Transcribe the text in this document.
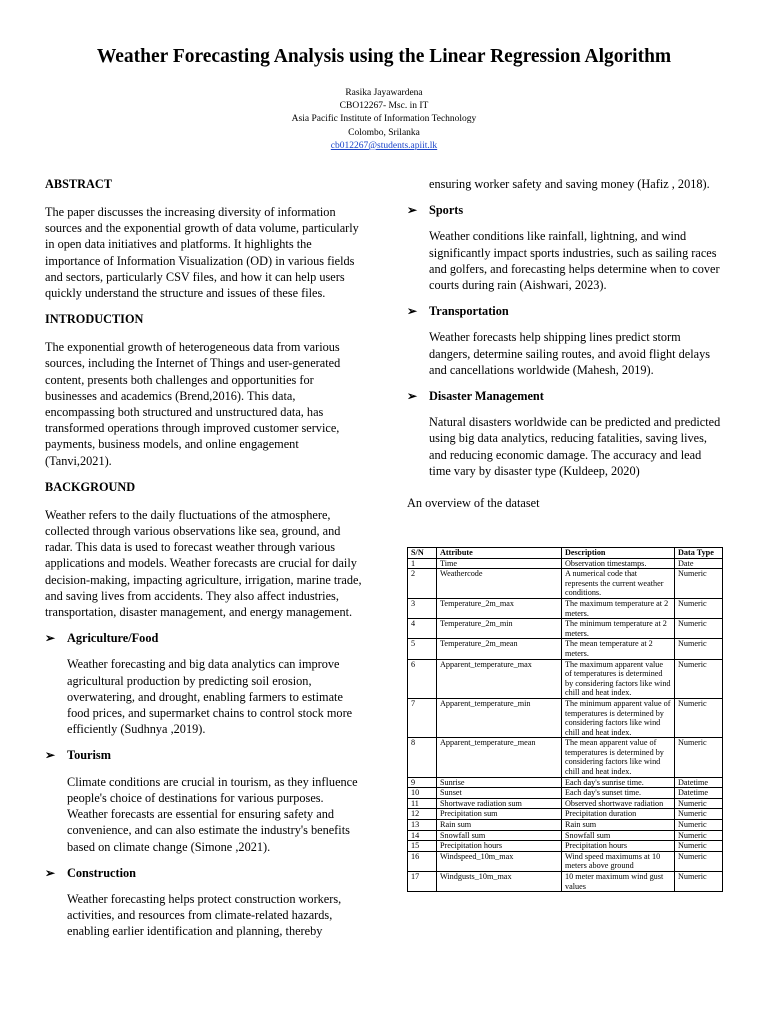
Weather Forecasting Analysis using the Linear Regression Algorithm
Rasika Jayawardena
CBO12267- Msc. in IT
Asia Pacific Institute of Information Technology
Colombo, Srilanka
cb012267@students.apiit.lk
ABSTRACT

The paper discusses the increasing diversity of information sources and the exponential growth of data volume, particularly in open data initiatives and platforms. It highlights the importance of Information Visualization (OD) in various fields and sectors, particularly CSV files, and how it can help users quickly understand the structure and issues of these files.

INTRODUCTION

The exponential growth of heterogeneous data from various sources, including the Internet of Things and user-generated content, presents both challenges and opportunities for businesses and academics (Brend,2016). This data, encompassing both structured and unstructured data, has transformed operations through improved customer service, payments, business models, and online engagement (Tanvi,2021).

BACKGROUND

Weather refers to the daily fluctuations of the atmosphere, collected through various observations like sea, ground, and radar. This data is used to forecast weather through various applications and models. Weather forecasts are crucial for daily decision-making, impacting agriculture, irrigation, marine trade, and saving lives from accidents. They also affect industries, transportation, disaster management, and energy management.

➢ Agriculture/Food

Weather forecasting and big data analytics can improve agricultural production by predicting soil erosion, overwatering, and drought, enabling farmers to estimate food prices, and supermarket chains to control stock more efficiently (Sudhnya ,2019).

➢ Tourism

Climate conditions are crucial in tourism, as they influence people's choice of destinations for various purposes. Weather forecasts are essential for ensuring safety and convenience, and can also estimate the industry's benefits based on climate change (Simone ,2021).

➢ Construction

Weather forecasting helps protect construction workers, activities, and resources from climate-related hazards, enabling earlier identification and planning, thereby

ensuring worker safety and saving money (Hafiz , 2018).

➢ Sports

Weather conditions like rainfall, lightning, and wind significantly impact sports industries, such as sailing races and golfers, and forecasting helps determine when to cover courts during rain (Aishwari, 2023).

➢ Transportation

Weather forecasts help shipping lines predict storm dangers, determine sailing routes, and avoid flight delays and cancellations worldwide (Mahesh, 2019).

➢ Disaster Management

Natural disasters worldwide can be predicted and predicted using big data analytics, reducing fatalities, saving lives, and reducing economic damage. The accuracy and lead time vary by disaster type (Kuldeep, 2020)

An overview of the dataset

S/N	Attribute	Description	Data Type
1	Time	Observation timestamps.	Date
2	Weathercode	A numerical code that represents the current weather conditions.	Numeric
3	Temperature_2m_max	The maximum temperature at 2 meters.	Numeric
4	Temperature_2m_min	The minimum temperature at 2 meters.	Numeric
5	Temperature_2m_mean	The mean temperature at 2 meters.	Numeric
6	Apparent_temperature_max	The maximum apparent value of temperatures is determined by considering factors like wind chill and heat index.	Numeric
7	Apparent_temperature_min	The minimum apparent value of temperatures is determined by considering factors like wind chill and heat index.	Numeric
8	Apparent_temperature_mean	The mean apparent value of temperatures is determined by considering factors like wind chill and heat index.	Numeric
9	Sunrise	Each day's sunrise time.	Datetime
10	Sunset	Each day's sunset time.	Datetime
11	Shortwave radiation sum	Observed shortwave radiation	Numeric
12	Precipitation sum	Precipitation duration	Numeric
13	Rain sum	Rain sum	Numeric
14	Snowfall sum	Snowfall sum	Numeric
15	Precipitation hours	Precipitation hours	Numeric
16	Windspeed_10m_max	Wind speed maximums at 10 meters above ground	Numeric
17	Windgusts_10m_max	10 meter maximum wind gust values	Numeric
